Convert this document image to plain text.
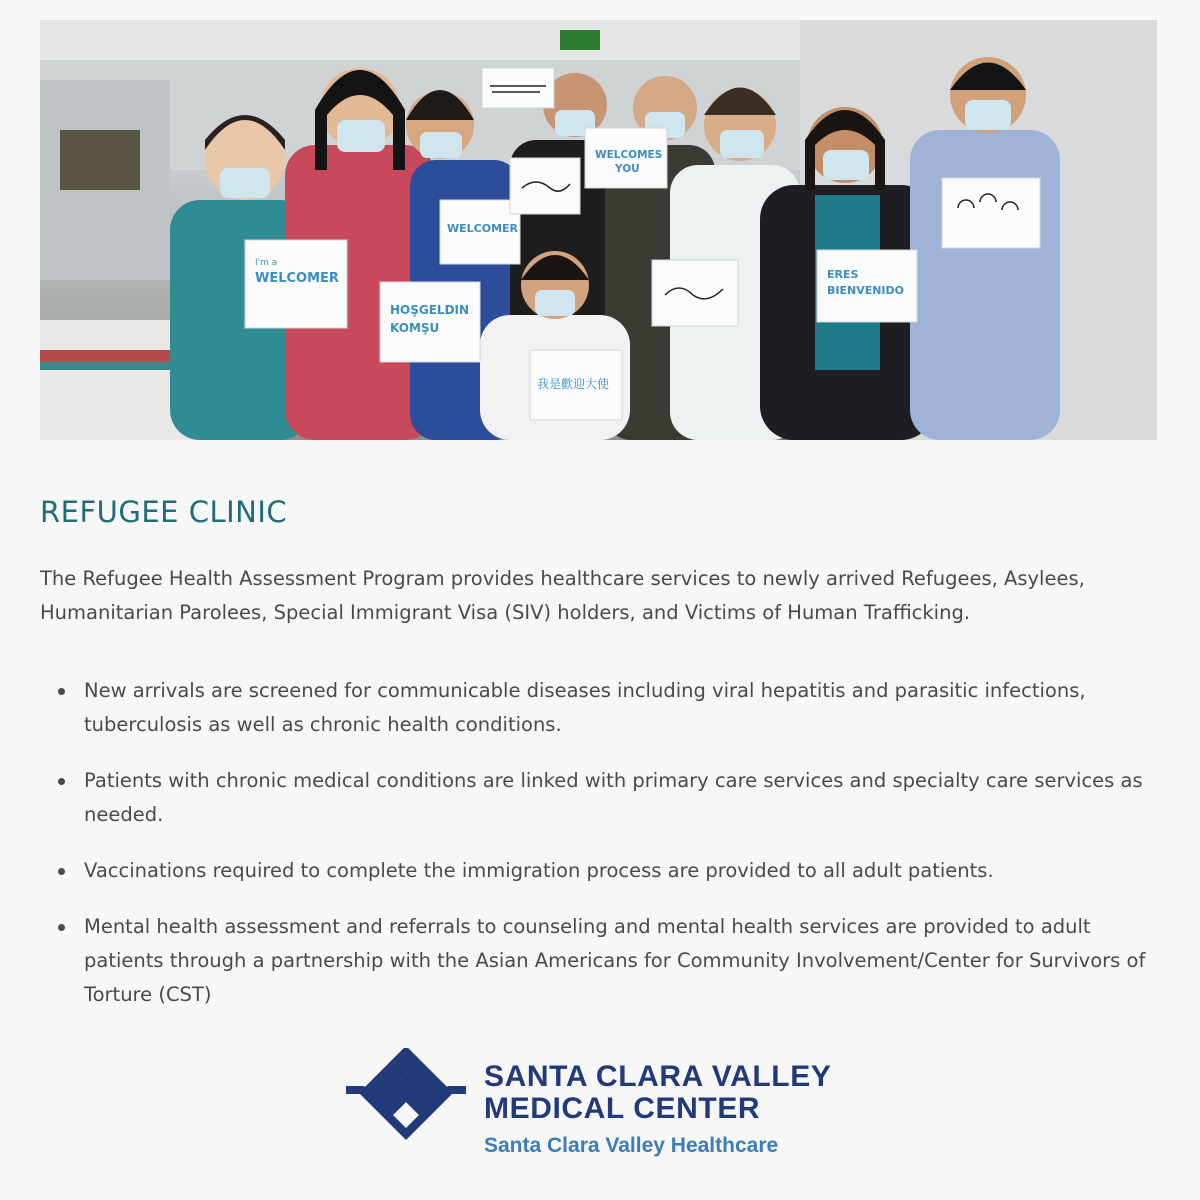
I'm a
WELCOMER
HOŞGELDIN
KOMŞU
WELCOMER
WELCOMES
YOU
我是歡迎大使
ERES
BIENVENIDO
REFUGEE CLINIC

The Refugee Health Assessment Program provides healthcare services to newly arrived Refugees, Asylees, Humanitarian Parolees, Special Immigrant Visa (SIV) holders, and Victims of Human Trafficking.

New arrivals are screened for communicable diseases including viral hepatitis and parasitic infections, tuberculosis as well as chronic health conditions.
Patients with chronic medical conditions are linked with primary care services and specialty care services as needed.
Vaccinations required to complete the immigration process are provided to all adult patients.
Mental health assessment and referrals to counseling and mental health services are provided to adult patients through a partnership with the Asian Americans for Community Involvement/Center for Survivors of Torture (CST)
SANTA CLARA VALLEY
MEDICAL CENTER
Santa Clara Valley Healthcare
